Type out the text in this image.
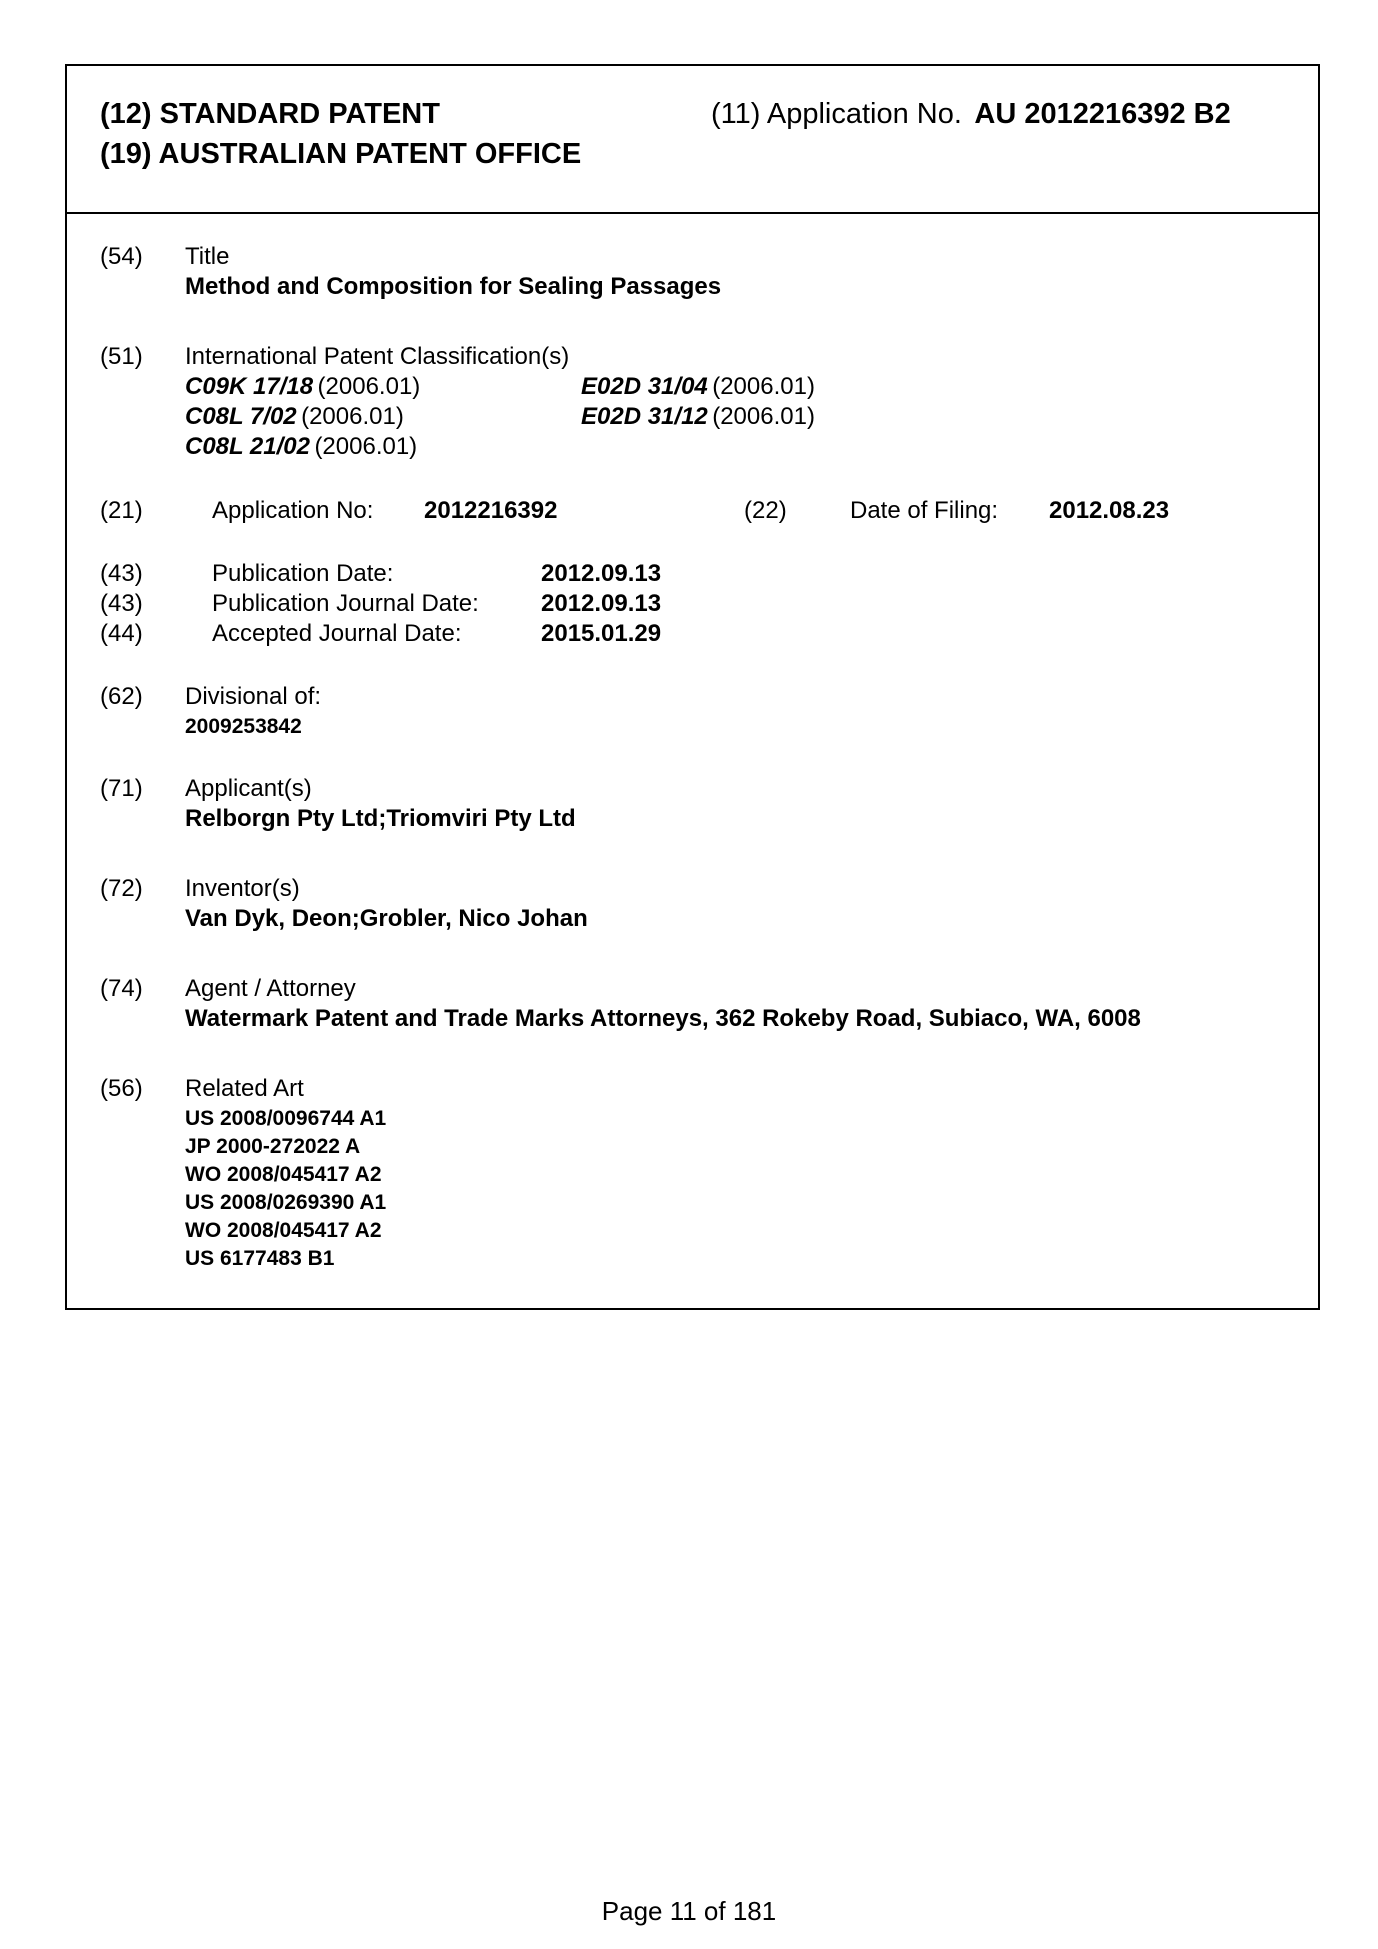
(12) STANDARD PATENT
(19) AUSTRALIAN PATENT OFFICE
(11) Application No. AU 2012216392 B2
(54) Title
Method and Composition for Sealing Passages
(51) International Patent Classification(s)
C09K 17/18 (2006.01)	E02D 31/04 (2006.01)
C08L 7/02 (2006.01)	E02D 31/12 (2006.01)
C08L 21/02 (2006.01)
(21)	Application No: 2012216392	(22)	Date of Filing: 2012.08.23
(43)	Publication Date:	2012.09.13
(43)	Publication Journal Date:	2012.09.13
(44)	Accepted Journal Date:	2015.01.29
(62) Divisional of:
2009253842
(71) Applicant(s)
Relborgn Pty Ltd;Triomviri Pty Ltd
(72) Inventor(s)
Van Dyk, Deon;Grobler, Nico Johan
(74) Agent / Attorney
Watermark Patent and Trade Marks Attorneys, 362 Rokeby Road, Subiaco, WA, 6008
(56) Related Art
US 2008/0096744 A1
JP 2000-272022 A
WO 2008/045417 A2
US 2008/0269390 A1
WO 2008/045417 A2
US 6177483 B1
Page 11 of 181
